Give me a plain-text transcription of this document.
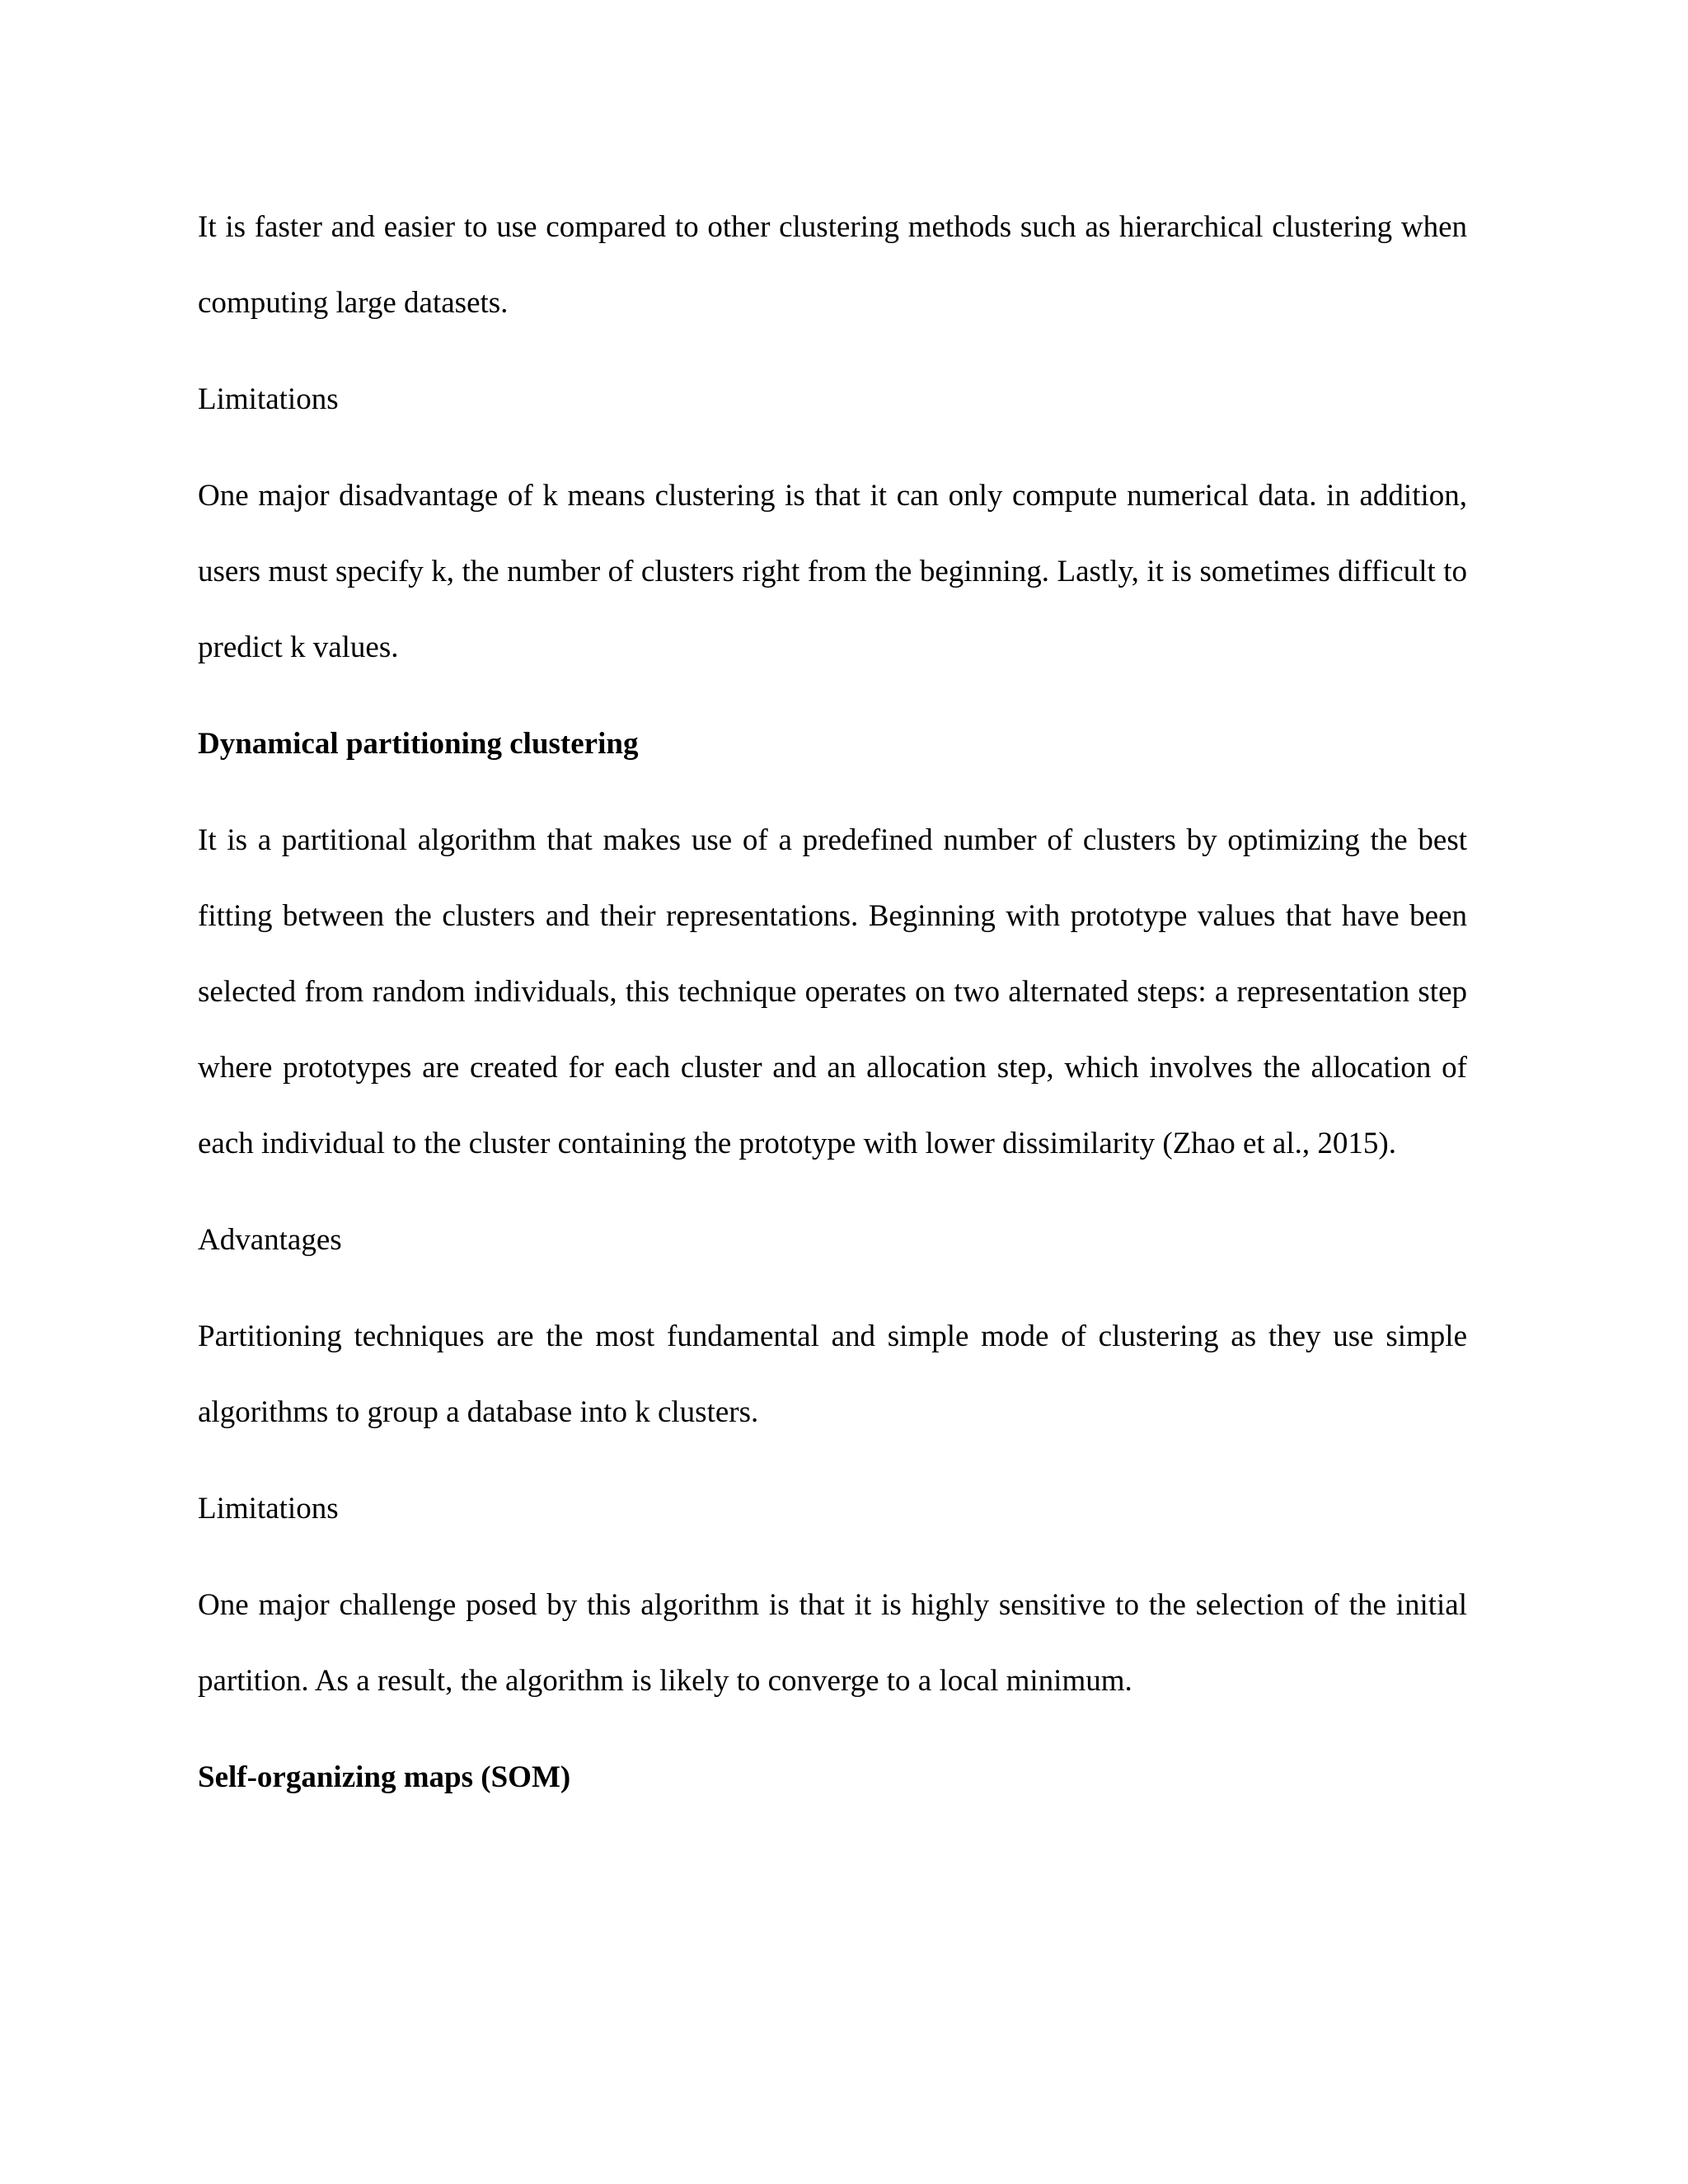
It is faster and easier to use compared to other clustering methods such as hierarchical clustering when computing large datasets.

Limitations

One major disadvantage of k means clustering is that it can only compute numerical data. in addition, users must specify k, the number of clusters right from the beginning. Lastly, it is sometimes difficult to predict k values.

Dynamical partitioning clustering

It is a partitional algorithm that makes use of a predefined number of clusters by optimizing the best fitting between the clusters and their representations. Beginning with prototype values that have been selected from random individuals, this technique operates on two alternated steps: a representation step where prototypes are created for each cluster and an allocation step, which involves the allocation of each individual to the cluster containing the prototype with lower dissimilarity (Zhao et al., 2015).

Advantages

Partitioning techniques are the most fundamental and simple mode of clustering as they use simple algorithms to group a database into k clusters.

Limitations

One major challenge posed by this algorithm is that it is highly sensitive to the selection of the initial partition. As a result, the algorithm is likely to converge to a local minimum.

Self-organizing maps (SOM)
